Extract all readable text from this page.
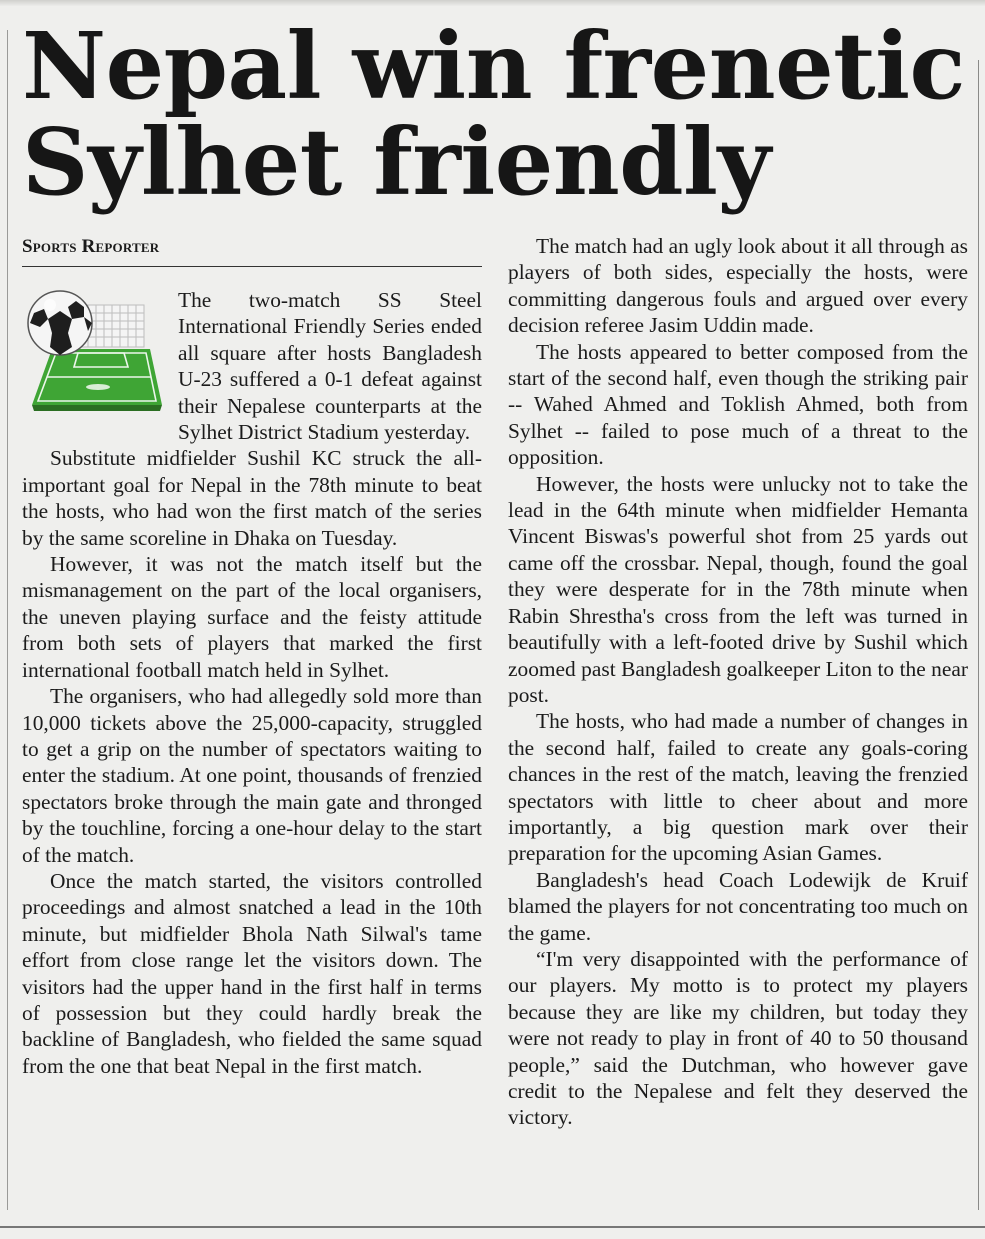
Nepal win frenetic
Sylhet friendly
Sports Reporter

The two-match SS Steel International Friendly Series ended all square after hosts Bangladesh U-23 suffered a 0-1 defeat against their Nepalese counterparts at the Sylhet District Stadium yesterday.

Substitute midfielder Sushil KC struck the all-important goal for Nepal in the 78th minute to beat the hosts, who had won the first match of the series by the same scoreline in Dhaka on Tuesday.

However, it was not the match itself but the mismanagement on the part of the local organisers, the uneven playing surface and the feisty attitude from both sets of players that marked the first international football match held in Sylhet.

The organisers, who had allegedly sold more than 10,000 tickets above the 25,000-capacity, struggled to get a grip on the number of spectators waiting to enter the stadium. At one point, thousands of frenzied spectators broke through the main gate and thronged by the touchline, forcing a one-hour delay to the start of the match.

Once the match started, the visitors controlled proceedings and almost snatched a lead in the 10th minute, but midfielder Bhola Nath Silwal's tame effort from close range let the visitors down. The visitors had the upper hand in the first half in terms of possession but they could hardly break the backline of Bangladesh, who fielded the same squad from the one that beat Nepal in the first match.

The match had an ugly look about it all through as players of both sides, especially the hosts, were committing dangerous fouls and argued over every decision referee Jasim Uddin made.

The hosts appeared to better composed from the start of the second half, even though the striking pair -- Wahed Ahmed and Toklish Ahmed, both from Sylhet -- failed to pose much of a threat to the opposition.

However, the hosts were unlucky not to take the lead in the 64th minute when midfielder Hemanta Vincent Biswas's powerful shot from 25 yards out came off the crossbar. Nepal, though, found the goal they were desperate for in the 78th minute when Rabin Shrestha's cross from the left was turned in beautifully with a left-footed drive by Sushil which zoomed past Bangladesh goalkeeper Liton to the near post.

The hosts, who had made a number of changes in the second half, failed to create any goals-coring chances in the rest of the match, leaving the frenzied spectators with little to cheer about and more importantly, a big question mark over their preparation for the upcoming Asian Games.

Bangladesh's head Coach Lodewijk de Kruif blamed the players for not concentrating too much on the game.

“I'm very disappointed with the performance of our players. My motto is to protect my players because they are like my children, but today they were not ready to play in front of 40 to 50 thousand people,” said the Dutchman, who however gave credit to the Nepalese and felt they deserved the victory.
